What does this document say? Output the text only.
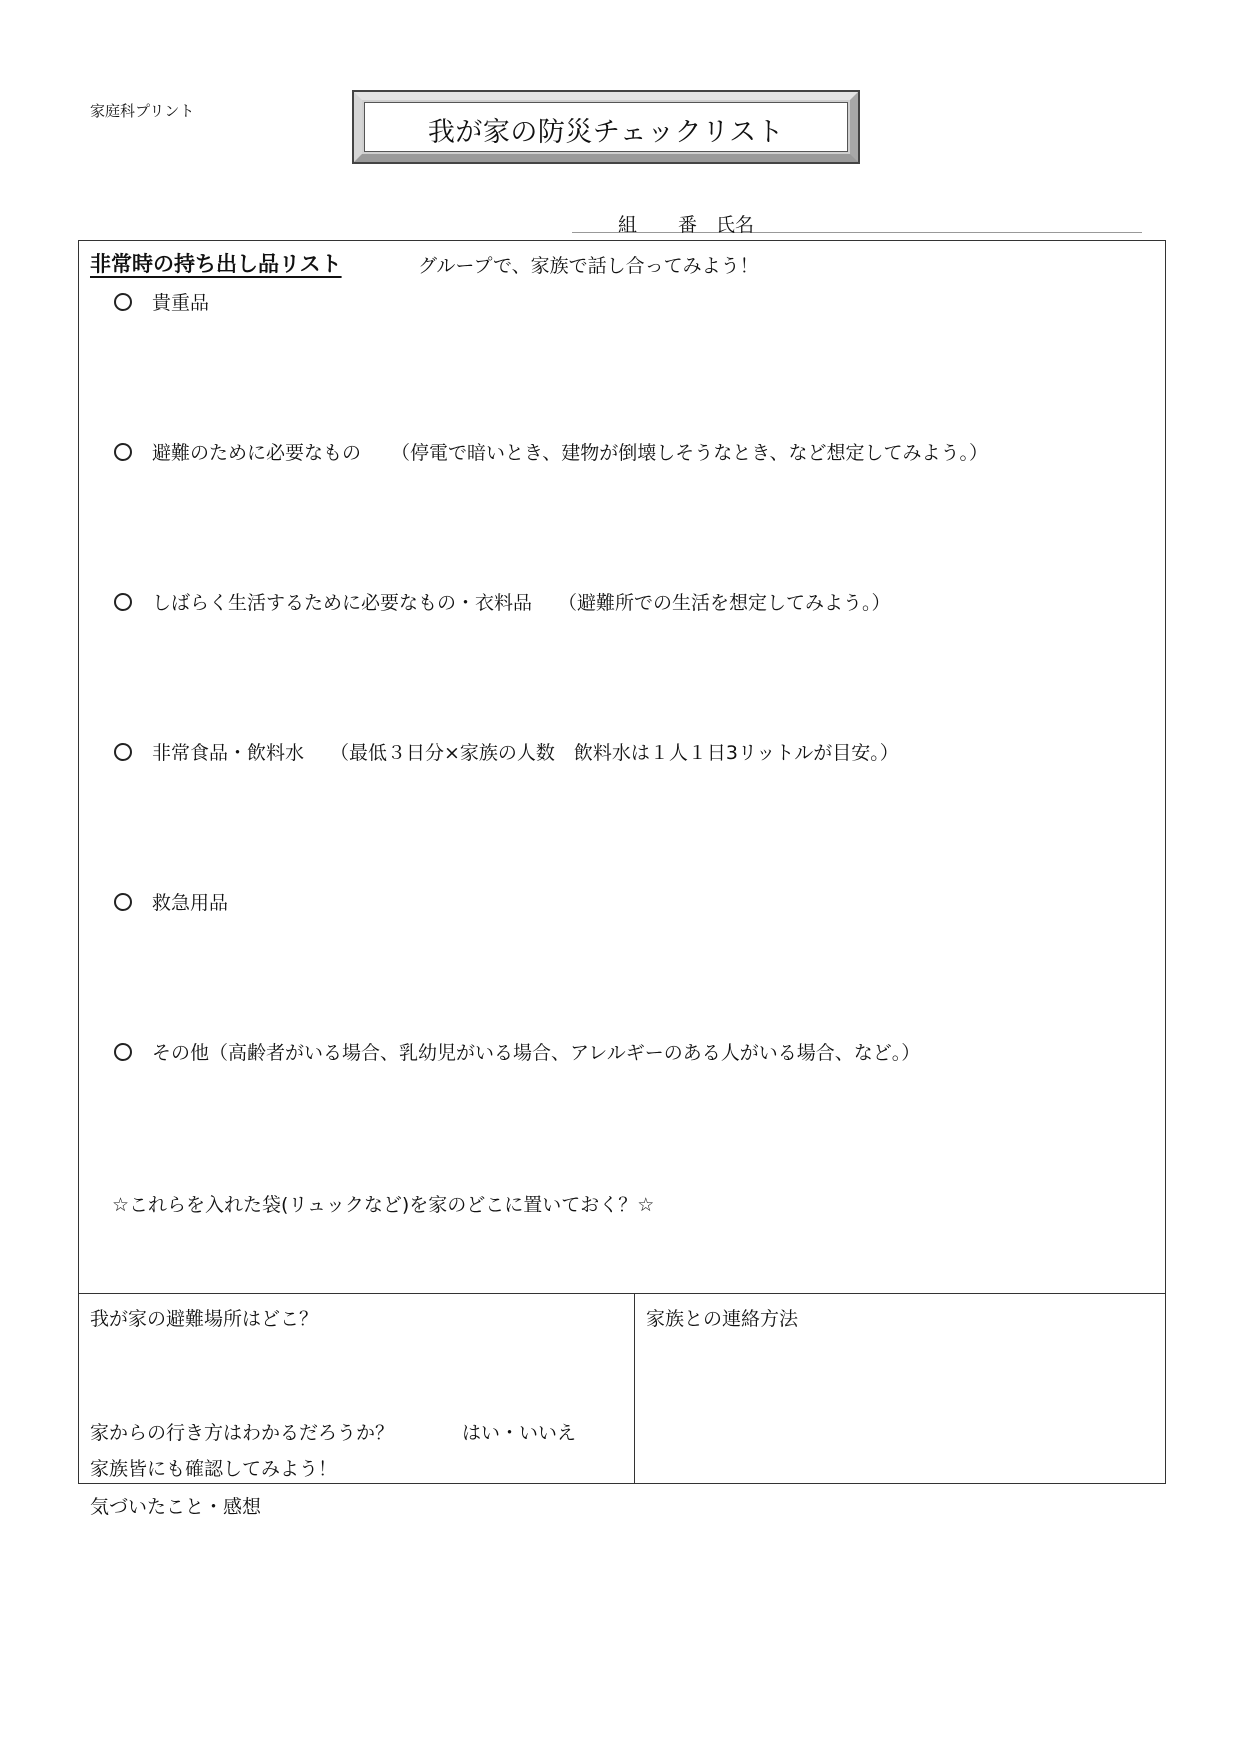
家庭科プリント
我が家の防災チェックリスト
組 番 氏名
非常時の持ち出し品リスト	グループで、家族で話し合ってみよう！
貴重品
避難のために必要なもの （停電で暗いとき、建物が倒壊しそうなとき、など想定してみよう。）
しばらく生活するために必要なもの・衣料品 （避難所での生活を想定してみよう。）
非常食品・飲料水 （最低３日分×家族の人数　飲料水は１人１日3リットルが目安。）
救急用品
その他（高齢者がいる場合、乳幼児がいる場合、アレルギーのある人がいる場合、など。）
☆これらを入れた袋(リュックなど)を家のどこに置いておく？☆
我が家の避難場所はどこ？
家からの行き方はわかるだろうか？	はい・いいえ
家族皆にも確認してみよう！
家族との連絡方法
気づいたこと・感想
